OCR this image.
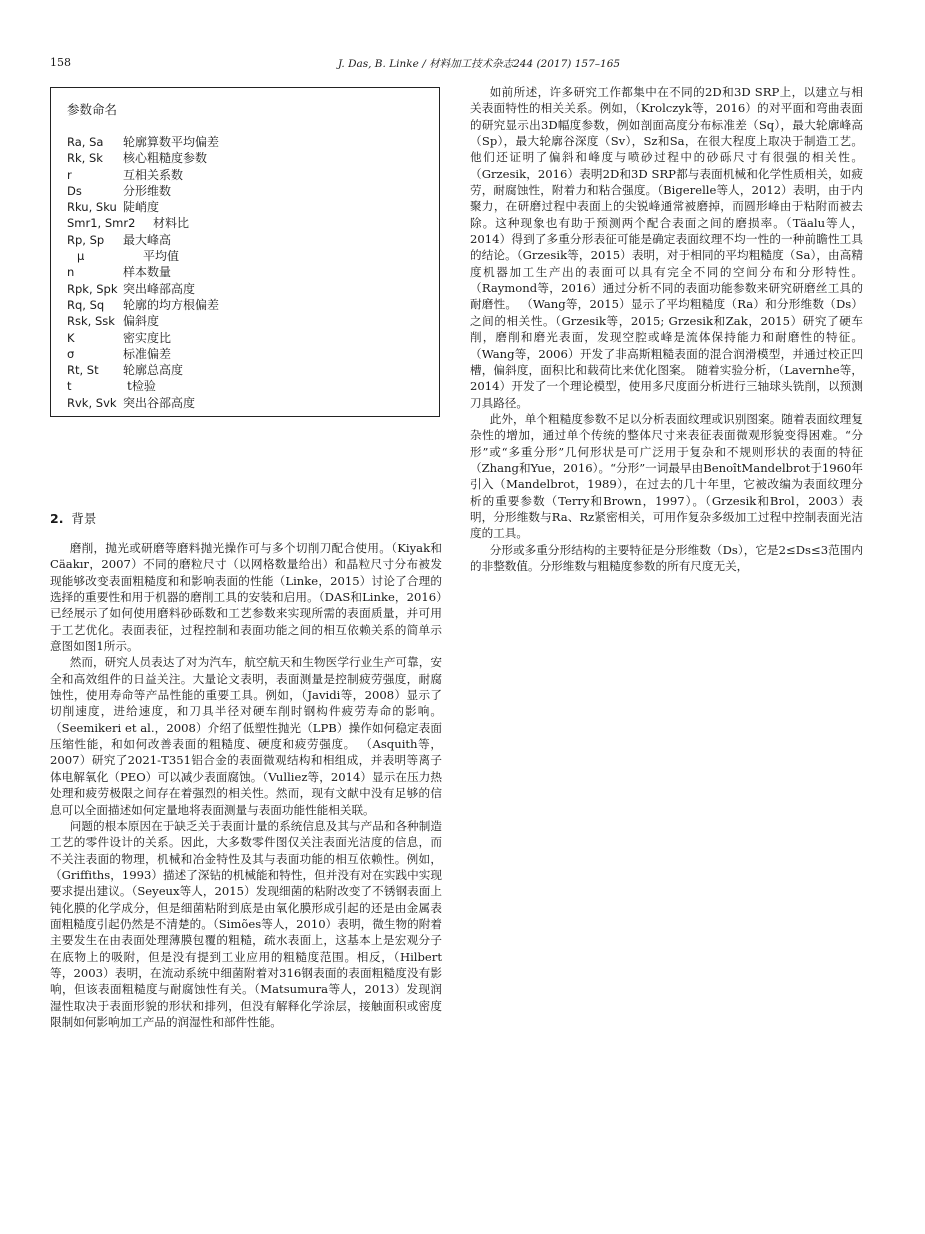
158	J. Das, B. Linke / 材料加工技术杂志244 (2017) 157–165
参数命名
Ra, Sa 轮廓算数平均偏差
Rk, Sk 核心粗糙度参数
r	互相关系数
Ds	分形维数
Rku, Sku 陡峭度
Smr1, Smr2 材料比
Rp, Sp 最大峰高
μ	平均值
n	样本数量
Rpk, Spk 突出峰部高度
Rq, Sq 轮廓的均方根偏差
Rsk, Ssk 偏斜度
K	密实度比
σ	标准偏差
Rt, St 轮廓总高度
t	t检验
Rvk, Svk 突出谷部高度
2. 背景

磨削，抛光或研磨等磨料抛光操作可与多个切削刀配合使用。（Kiyak和Cäakır，2007）不同的磨粒尺寸（以网格数量给出）和晶粒尺寸分布被发现能够改变表面粗糙度和和影响表面的性能（Linke，2015）讨论了合理的选择的重要性和用于机器的磨削工具的安装和启用。（DAS和Linke，2016）已经展示了如何使用磨料砂砾数和工艺参数来实现所需的表面质量，并可用于工艺优化。表面表征，过程控制和表面功能之间的相互依赖关系的简单示意图如图1所示。

然而，研究人员表达了对为汽车，航空航天和生物医学行业生产可靠，安全和高效组件的日益关注。大量论文表明，表面测量是控制疲劳强度，耐腐蚀性，使用寿命等产品性能的重要工具。例如，（Javidi等，2008）显示了切削速度，进给速度，和刀具半径对硬车削时钢构件疲劳寿命的影响。 （Seemikeri et al.，2008）介绍了低塑性抛光（LPB）操作如何稳定表面压缩性能，和如何改善表面的粗糙度、硬度和疲劳强度。 （Asquith等，2007）研究了2021-T351铝合金的表面微观结构和相组成，并表明等离子体电解氧化（PEO）可以减少表面腐蚀。（Vulliez等，2014）显示在压力热处理和疲劳极限之间存在着强烈的相关性。然而，现有文献中没有足够的信息可以全面描述如何定量地将表面测量与表面功能性能相关联。

问题的根本原因在于缺乏关于表面计量的系统信息及其与产品和各种制造工艺的零件设计的关系。因此，大多数零件图仅关注表面光洁度的信息，而不关注表面的物理，机械和冶金特性及其与表面功能的相互依赖性。例如，（Griffiths，1993）描述了深钻的机械能和特性，但并没有对在实践中实现要求提出建议。（Seyeux等人，2015）发现细菌的粘附改变了不锈钢表面上钝化膜的化学成分，但是细菌粘附到底是由氧化膜形成引起的还是由金属表面粗糙度引起仍然是不清楚的。（Simões等人，2010）表明，微生物的附着主要发生在由表面处理薄膜包覆的粗糙，疏水表面上，这基本上是宏观分子在底物上的吸附，但是没有提到工业应用的粗糙度范围。相反，（Hilbert等，2003）表明，在流动系统中细菌附着对316钢表面的表面粗糙度没有影响，但该表面粗糙度与耐腐蚀性有关。（Matsumura等人，2013）发现润湿性取决于表面形貌的形状和排列，但没有解释化学涂层，接触面积或密度限制如何影响加工产品的润湿性和部件性能。

如前所述，许多研究工作都集中在不同的2D和3D SRP上，以建立与相关表面特性的相关关系。例如，（Krolczyk等，2016）的对平面和弯曲表面的研究显示出3D幅度参数，例如剖面高度分布标准差（Sq），最大轮廓峰高（Sp），最大轮廓谷深度（Sv），Sz和Sa，在很大程度上取决于制造工艺。他们还证明了偏斜和峰度与喷砂过程中的砂砾尺寸有很强的相关性。（Grzesik，2016）表明2D和3D SRP都与表面机械和化学性质相关，如疲劳，耐腐蚀性，附着力和粘合强度。（Bigerelle等人，2012）表明，由于内聚力，在研磨过程中表面上的尖锐峰通常被磨掉，而圆形峰由于粘附而被去除。这种现象也有助于预测两个配合表面之间的磨损率。（Täalu等人，2014）得到了多重分形表征可能是确定表面纹理不均一性的一种前瞻性工具的结论。（Grzesik等，2015）表明，对于相同的平均粗糙度（Sa），由高精度机器加工生产出的表面可以具有完全不同的空间分布和分形特性。（Raymond等，2016）通过分析不同的表面功能参数来研究研磨丝工具的耐磨性。 （Wang等，2015）显示了平均粗糙度（Ra）和分形维数（Ds）之间的相关性。（Grzesik等，2015; Grzesik和Zak，2015）研究了硬车削，磨削和磨光表面，发现空腔或峰是流体保持能力和耐磨性的特征。（Wang等，2006）开发了非高斯粗糙表面的混合润滑模型，并通过校正凹槽，偏斜度，面积比和载荷比来优化图案。 随着实验分析，（Lavernhe等，2014）开发了一个理论模型，使用多尺度面分析进行三轴球头铣削，以预测刀具路径。

此外，单个粗糙度参数不足以分析表面纹理或识别图案。随着表面纹理复杂性的增加，通过单个传统的整体尺寸来表征表面微观形貌变得困难。“分形”或“多重分形”几何形状是可广泛用于复杂和不规则形状的表面的特征（Zhang和Yue，2016）。“分形”一词最早由BenoîtMandelbrot于1960年引入（Mandelbrot，1989），在过去的几十年里，它被改编为表面纹理分析的重要参数（Terry和Brown，1997）。（Grzesik和Brol，2003）表明，分形维数与Ra、Rz紧密相关，可用作复杂多级加工过程中控制表面光洁度的工具。

分形或多重分形结构的主要特征是分形维数（Ds），它是2≤Ds≤3范围内的非整数值。分形维数与粗糙度参数的所有尺度无关，
